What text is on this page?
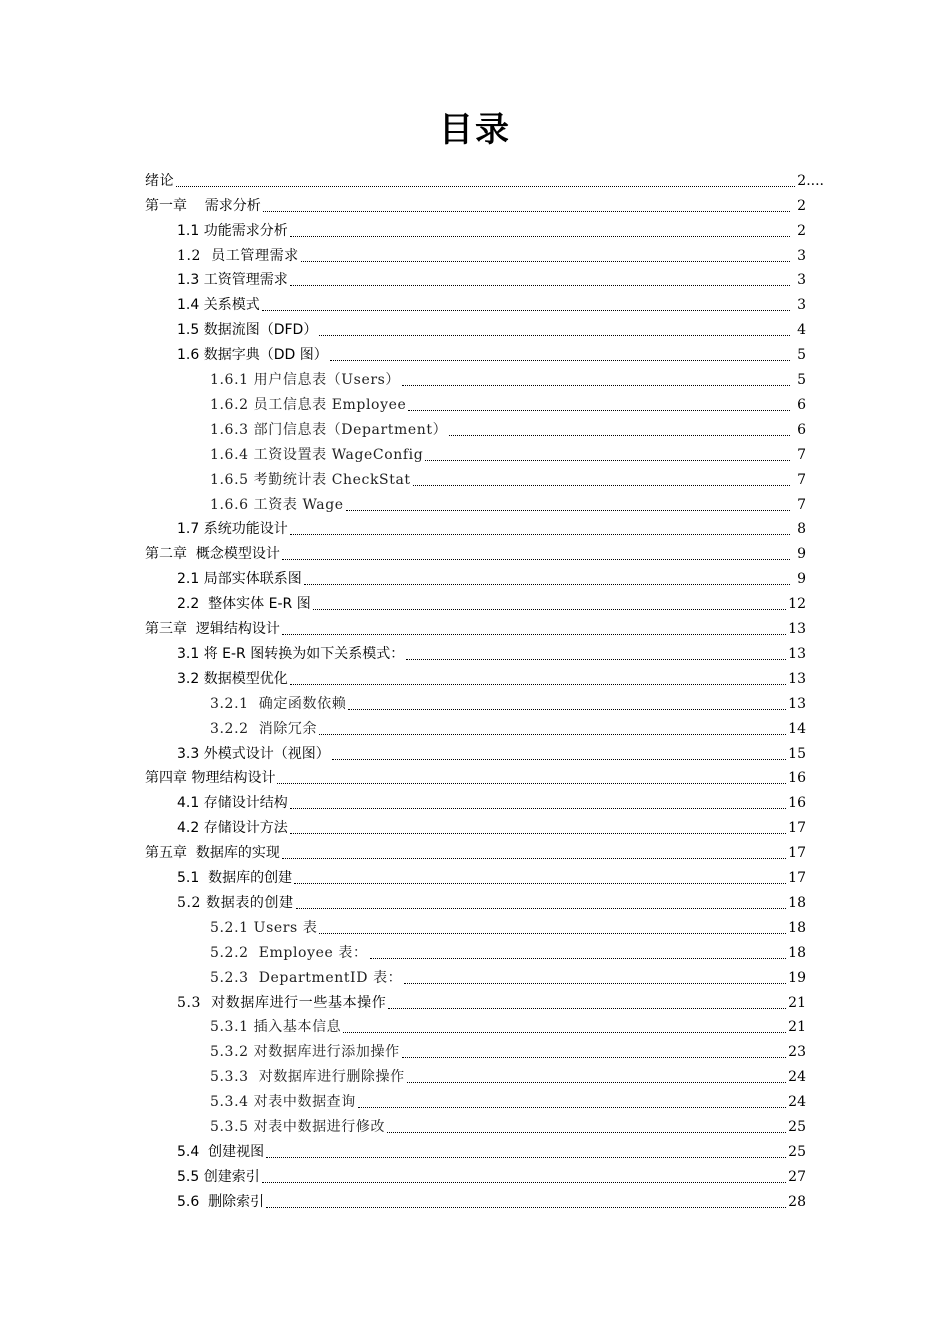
目录
绪论	2....
第一章    需求分析	2
1.1 功能需求分析	2
1.2  员工管理需求	3
1.3 工资管理需求	3
1.4 关系模式	3
1.5 数据流图（DFD）	4
1.6 数据字典（DD 图）	5
1.6.1 用户信息表（Users）	5
1.6.2 员工信息表 Employee	6
1.6.3 部门信息表（Department）	6
1.6.4 工资设置表 WageConfig	7
1.6.5 考勤统计表 CheckStat	7
1.6.6 工资表 Wage	7
1.7 系统功能设计	8
第二章  概念模型设计	9
2.1 局部实体联系图	9
2.2  整体实体 E-R 图	12
第三章  逻辑结构设计	13
3.1 将 E-R 图转换为如下关系模式：	13
3.2 数据模型优化	13
3.2.1  确定函数依赖	13
3.2.2  消除冗余	14
3.3 外模式设计（视图）	15
第四章 物理结构设计	16
4.1 存储设计结构	16
4.2 存储设计方法	17
第五章  数据库的实现	17
5.1  数据库的创建	17
5.2 数据表的创建	18
5.2.1 Users 表	18
5.2.2  Employee 表：	18
5.2.3  DepartmentID 表：	19
5.3  对数据库进行一些基本操作	21
5.3.1 插入基本信息	21
5.3.2 对数据库进行添加操作	23
5.3.3  对数据库进行删除操作	24
5.3.4 对表中数据查询	24
5.3.5 对表中数据进行修改	25
5.4  创建视图	25
5.5 创建索引	27
5.6  删除索引	28
